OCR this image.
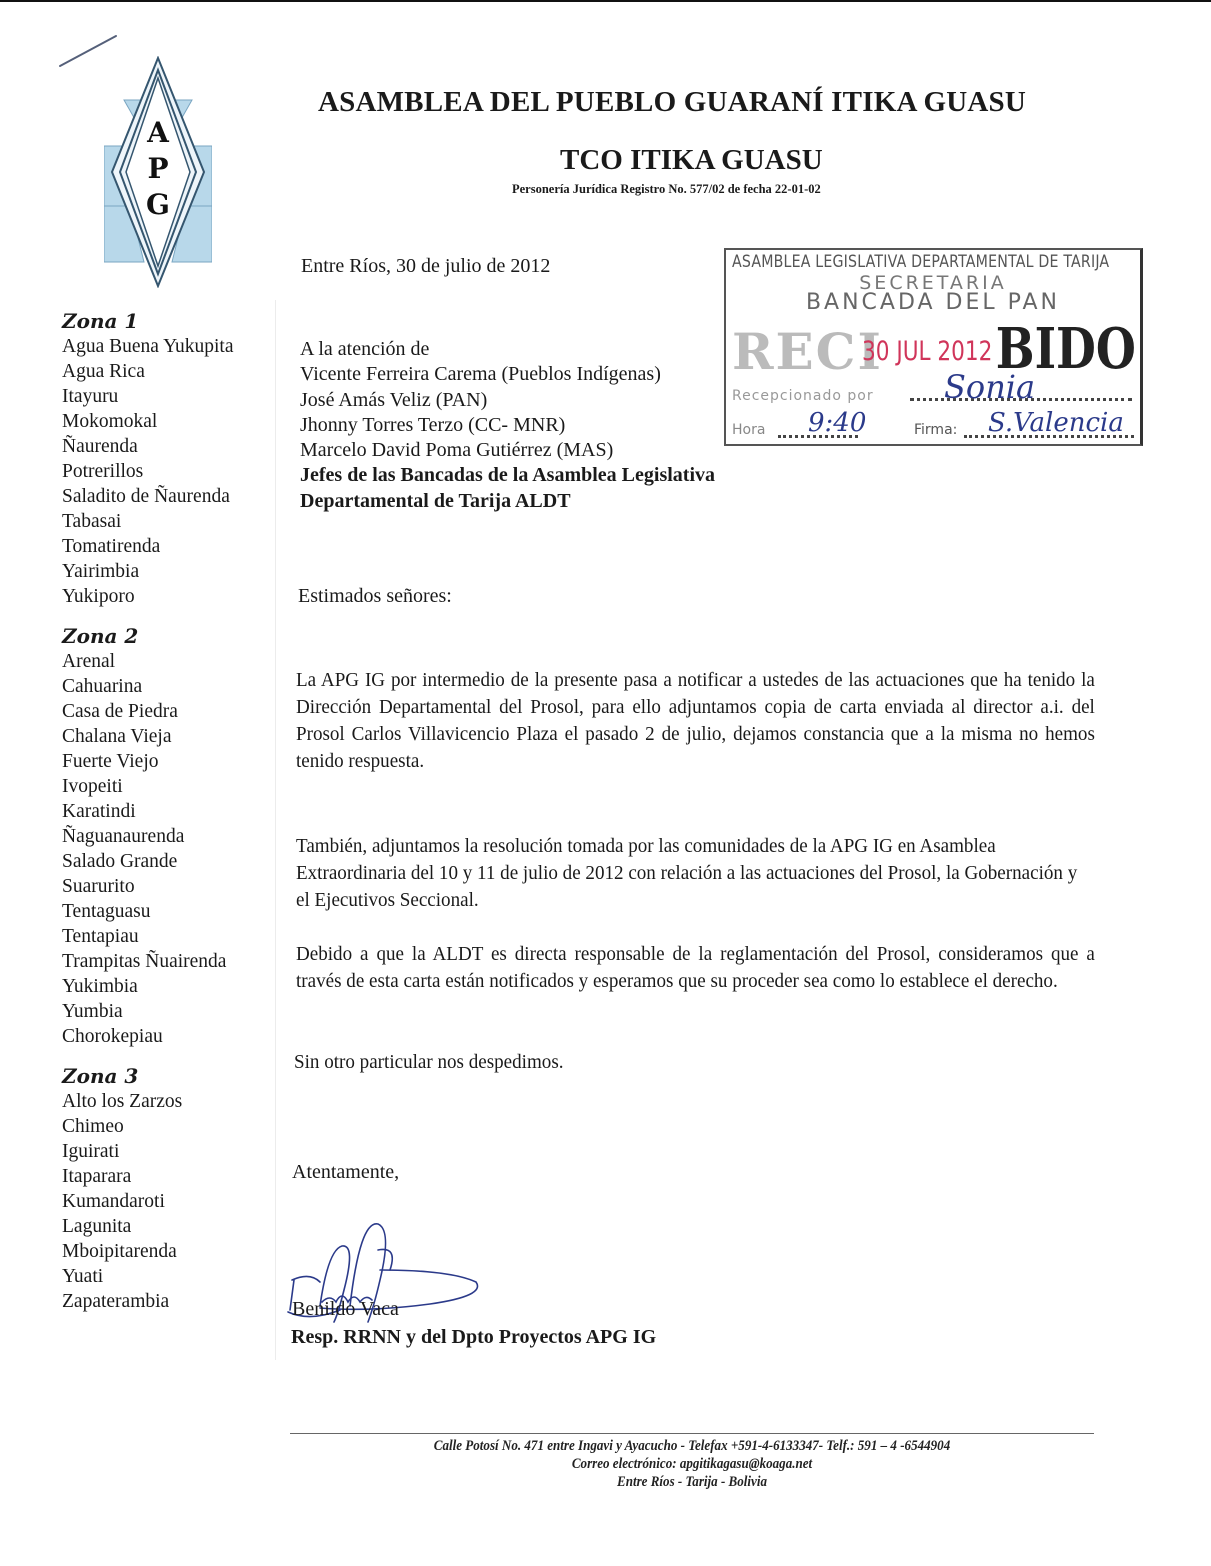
A
P
G
ASAMBLEA DEL PUEBLO GUARANÍ ITIKA GUASU
TCO ITIKA GUASU
Personería Jurídica Registro No. 577/02 de fecha 22-01-02
Zona 1
Agua Buena Yukupita
Agua Rica
Itayuru
Mokomokal
Ñaurenda
Potrerillos
Saladito de Ñaurenda
Tabasai
Tomatirenda
Yairimbia
Yukiporo
Zona 2
Arenal
Cahuarina
Casa de Piedra
Chalana Vieja
Fuerte Viejo
Ivopeiti
Karatindi
Ñaguanaurenda
Salado Grande
Suarurito
Tentaguasu
Tentapiau
Trampitas Ñuairenda
Yukimbia
Yumbia
Chorokepiau
Zona 3
Alto los Zarzos
Chimeo
Iguirati
Itaparara
Kumandaroti
Lagunita
Mboipitarenda
Yuati
Zapaterambia
Entre Ríos, 30 de julio de 2012
A la atención de
Vicente Ferreira Carema (Pueblos Indígenas)
José Amás Veliz (PAN)
Jhonny Torres Terzo (CC- MNR)
Marcelo David Poma Gutiérrez (MAS)
Jefes de las Bancadas de la Asamblea Legislativa
Departamental de Tarija ALDT
Estimados señores:
La APG IG por intermedio de la presente pasa a notificar a ustedes de las actuaciones que ha tenido la Dirección Departamental del Prosol, para ello adjuntamos copia de carta enviada al director a.i. del Prosol Carlos Villavicencio Plaza el pasado 2 de julio, dejamos constancia que a la misma no hemos tenido respuesta.
También, adjuntamos la resolución tomada por las comunidades de la APG IG en Asamblea Extraordinaria del 10 y 11 de julio de 2012 con relación a las actuaciones del Prosol, la Gobernación y el Ejecutivos Seccional.
Debido a que la ALDT es directa responsable de la reglamentación del Prosol, consideramos que a través de esta carta están notificados y esperamos que su proceder sea como lo establece el derecho.
Sin otro particular nos despedimos.
Atentamente,
Benildo Vaca
Resp. RRNN y del Dpto Proyectos APG IG
ASAMBLEA LEGISLATIVA DEPARTAMENTAL DE TARIJA
SECRETARIA
BANCADA DEL PAN
RECI
30 JUL 2012 BIDO
Recepcionado por Sonia
Hora 9:40	Firma: S.Valencia
Calle Potosí No. 471 entre Ingavi y Ayacucho - Telefax +591-4-6133347- Telf.: 591 – 4 -6544904
Correo electrónico: apgitikagasu@koaga.net
Entre Ríos - Tarija - Bolivia
